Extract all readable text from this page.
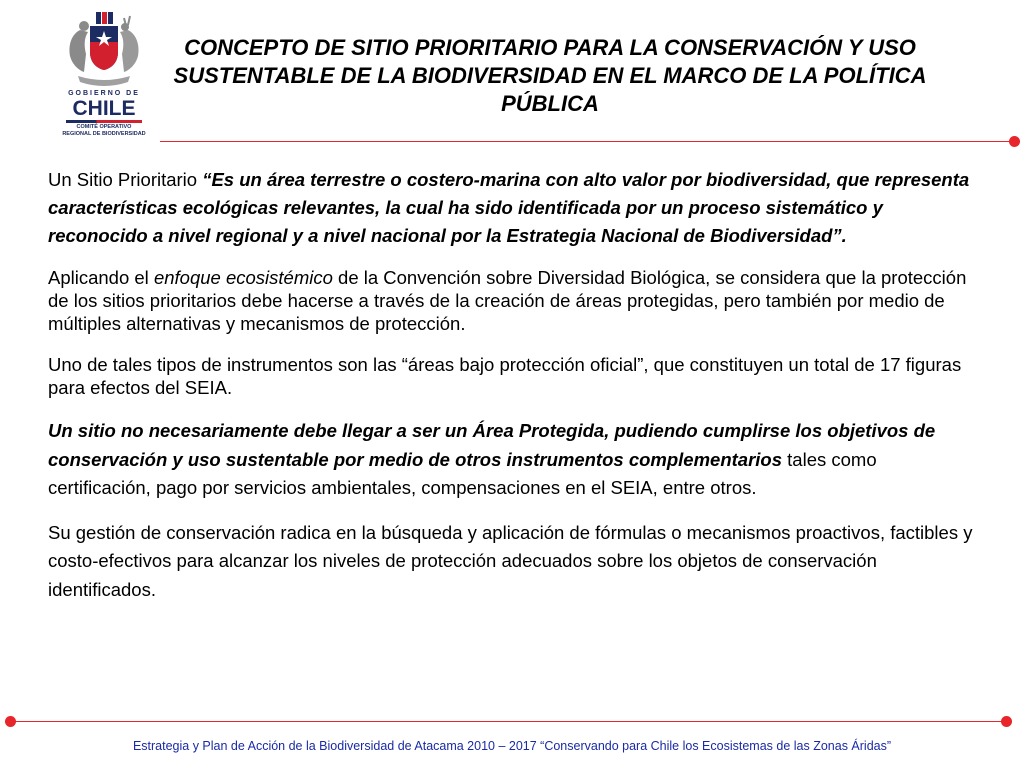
GOBIERNO DE
CHILE
COMITÉ OPERATIVO
REGIONAL DE BIODIVERSIDAD
CONCEPTO DE SITIO PRIORITARIO PARA LA CONSERVACIÓN Y USO SUSTENTABLE DE LA BIODIVERSIDAD EN EL MARCO DE LA POLÍTICA PÚBLICA

Un Sitio Prioritario “Es un área terrestre o costero-marina con alto valor por biodiversidad, que representa características ecológicas relevantes, la cual ha sido identificada por un proceso sistemático y reconocido a nivel regional y a nivel nacional por la Estrategia Nacional de Biodiversidad”.

Aplicando el enfoque ecosistémico de la Convención sobre Diversidad Biológica, se considera que la protección de los sitios prioritarios debe hacerse a través de la creación de áreas protegidas, pero también por medio de múltiples alternativas y mecanismos de protección.

Uno de tales tipos de instrumentos son las “áreas bajo protección oficial”, que constituyen un total de 17 figuras para efectos del SEIA.

Un sitio no necesariamente debe llegar a ser un Área Protegida, pudiendo cumplirse los objetivos de conservación y uso sustentable por medio de otros instrumentos complementarios tales como certificación, pago por servicios ambientales, compensaciones en el SEIA, entre otros.

Su gestión de conservación radica en la búsqueda y aplicación de fórmulas o mecanismos proactivos, factibles y costo-efectivos para alcanzar los niveles de protección adecuados sobre los objetos de conservación identificados.

Estrategia y Plan de Acción de la Biodiversidad de Atacama 2010 – 2017 “Conservando para Chile los Ecosistemas de las Zonas Áridas”
